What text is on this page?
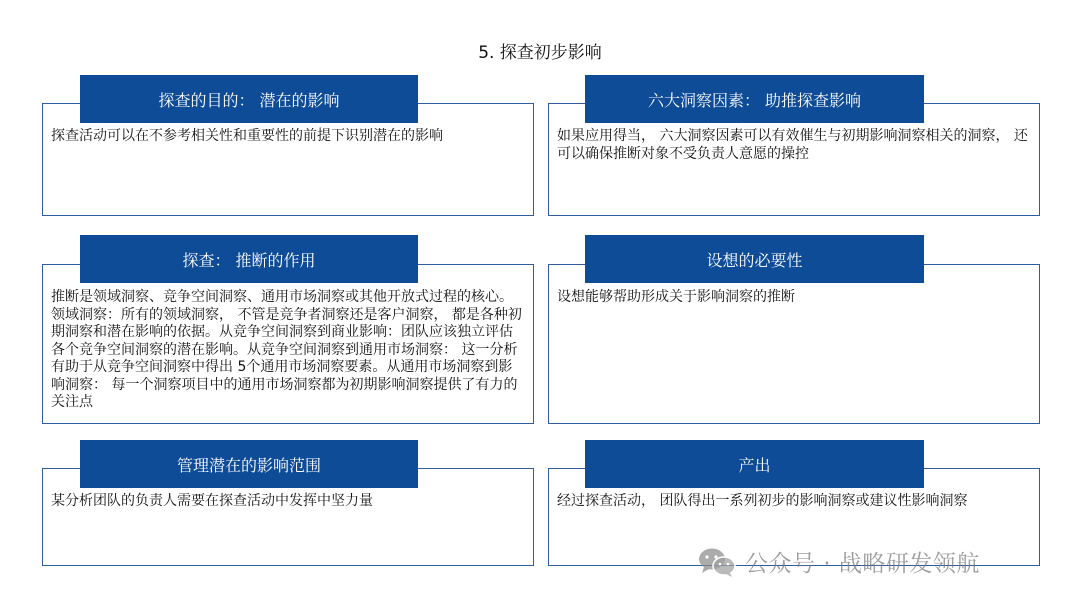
5. 探查初步影响
探查活动可以在不参考相关性和重要性的前提下识别潜在的影响
探查的目的： 潜在的影响
如果应用得当， 六大洞察因素可以有效催生与初期影响洞察相关的洞察， 还可以确保推断对象不受负责人意愿的操控
六大洞察因素： 助推探查影响
推断是领域洞察、竞争空间洞察、通用市场洞察或其他开放式过程的核心。领域洞察：所有的领域洞察， 不管是竞争者洞察还是客户洞察， 都是各种初期洞察和潜在影响的依据。从竞争空间洞察到商业影响：团队应该独立评估各个竞争空间洞察的潜在影响。从竞争空间洞察到通用市场洞察： 这一分析有助于从竞争空间洞察中得出 5个通用市场洞察要素。从通用市场洞察到影响洞察： 每一个洞察项目中的通用市场洞察都为初期影响洞察提供了有力的关注点
探查： 推断的作用
设想能够帮助形成关于影响洞察的推断
设想的必要性
某分析团队的负责人需要在探查活动中发挥中坚力量
管理潜在的影响范围
经过探查活动， 团队得出一系列初步的影响洞察或建议性影响洞察
产出
公众号 · 战略研发领航
